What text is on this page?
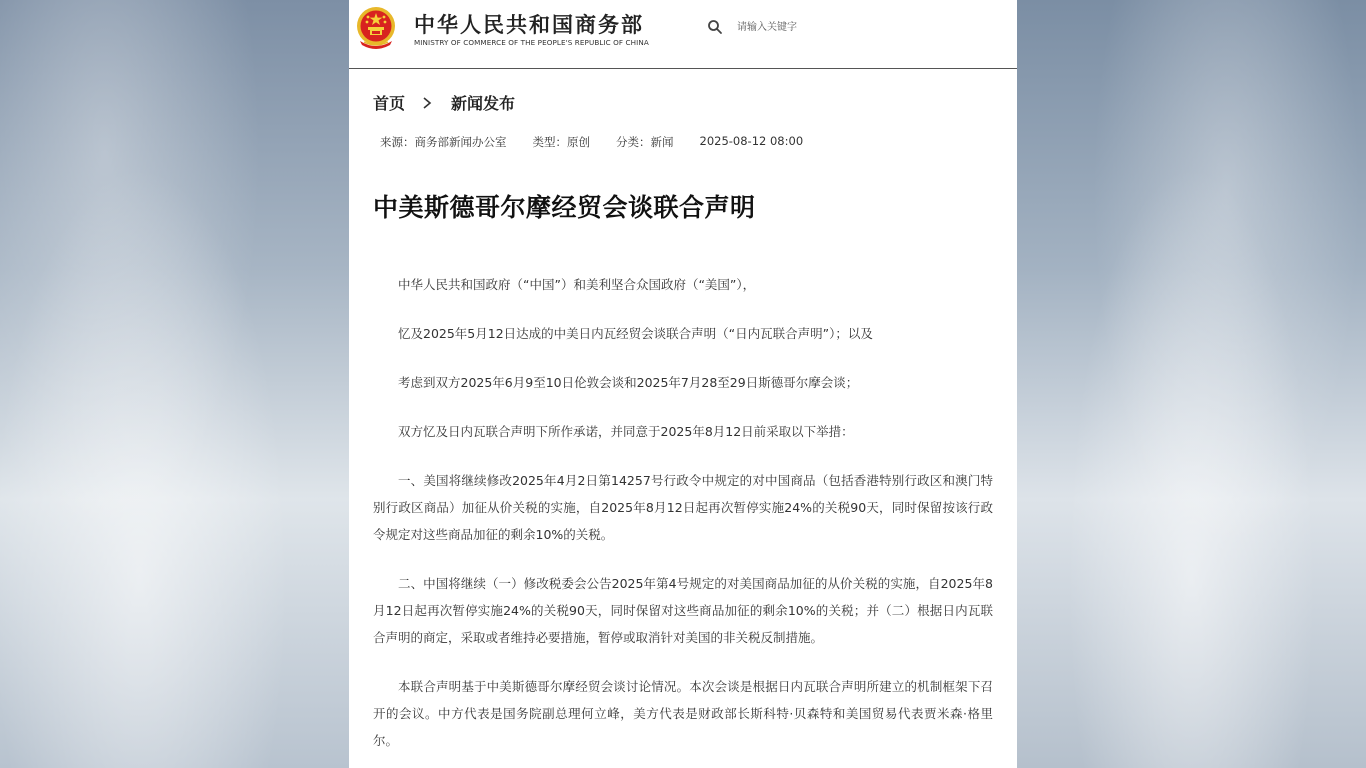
中华人民共和国商务部
MINISTRY OF COMMERCE OF THE PEOPLE'S REPUBLIC OF CHINA
请输入关键字
首页	新闻发布
来源：商务部新闻办公室 类型：原创 分类：新闻 2025-08-12 08:00
中美斯德哥尔摩经贸会谈联合声明

中华人民共和国政府（“中国”）和美利坚合众国政府（“美国”），

忆及2025年5月12日达成的中美日内瓦经贸会谈联合声明（“日内瓦联合声明”）；以及

考虑到双方2025年6月9至10日伦敦会谈和2025年7月28至29日斯德哥尔摩会谈；

双方忆及日内瓦联合声明下所作承诺，并同意于2025年8月12日前采取以下举措：

一、美国将继续修改2025年4月2日第14257号行政令中规定的对中国商品（包括香港特别行政区和澳门特别行政区商品）加征从价关税的实施，自2025年8月12日起再次暂停实施24%的关税90天，同时保留按该行政令规定对这些商品加征的剩余10%的关税。

二、中国将继续（一）修改税委会公告2025年第4号规定的对美国商品加征的从价关税的实施，自2025年8月12日起再次暂停实施24%的关税90天，同时保留对这些商品加征的剩余10%的关税；并（二）根据日内瓦联合声明的商定，采取或者维持必要措施，暂停或取消针对美国的非关税反制措施。

本联合声明基于中美斯德哥尔摩经贸会谈讨论情况。本次会谈是根据日内瓦联合声明所建立的机制框架下召开的会议。中方代表是国务院副总理何立峰，美方代表是财政部长斯科特·贝森特和美国贸易代表贾米森·格里尔。
